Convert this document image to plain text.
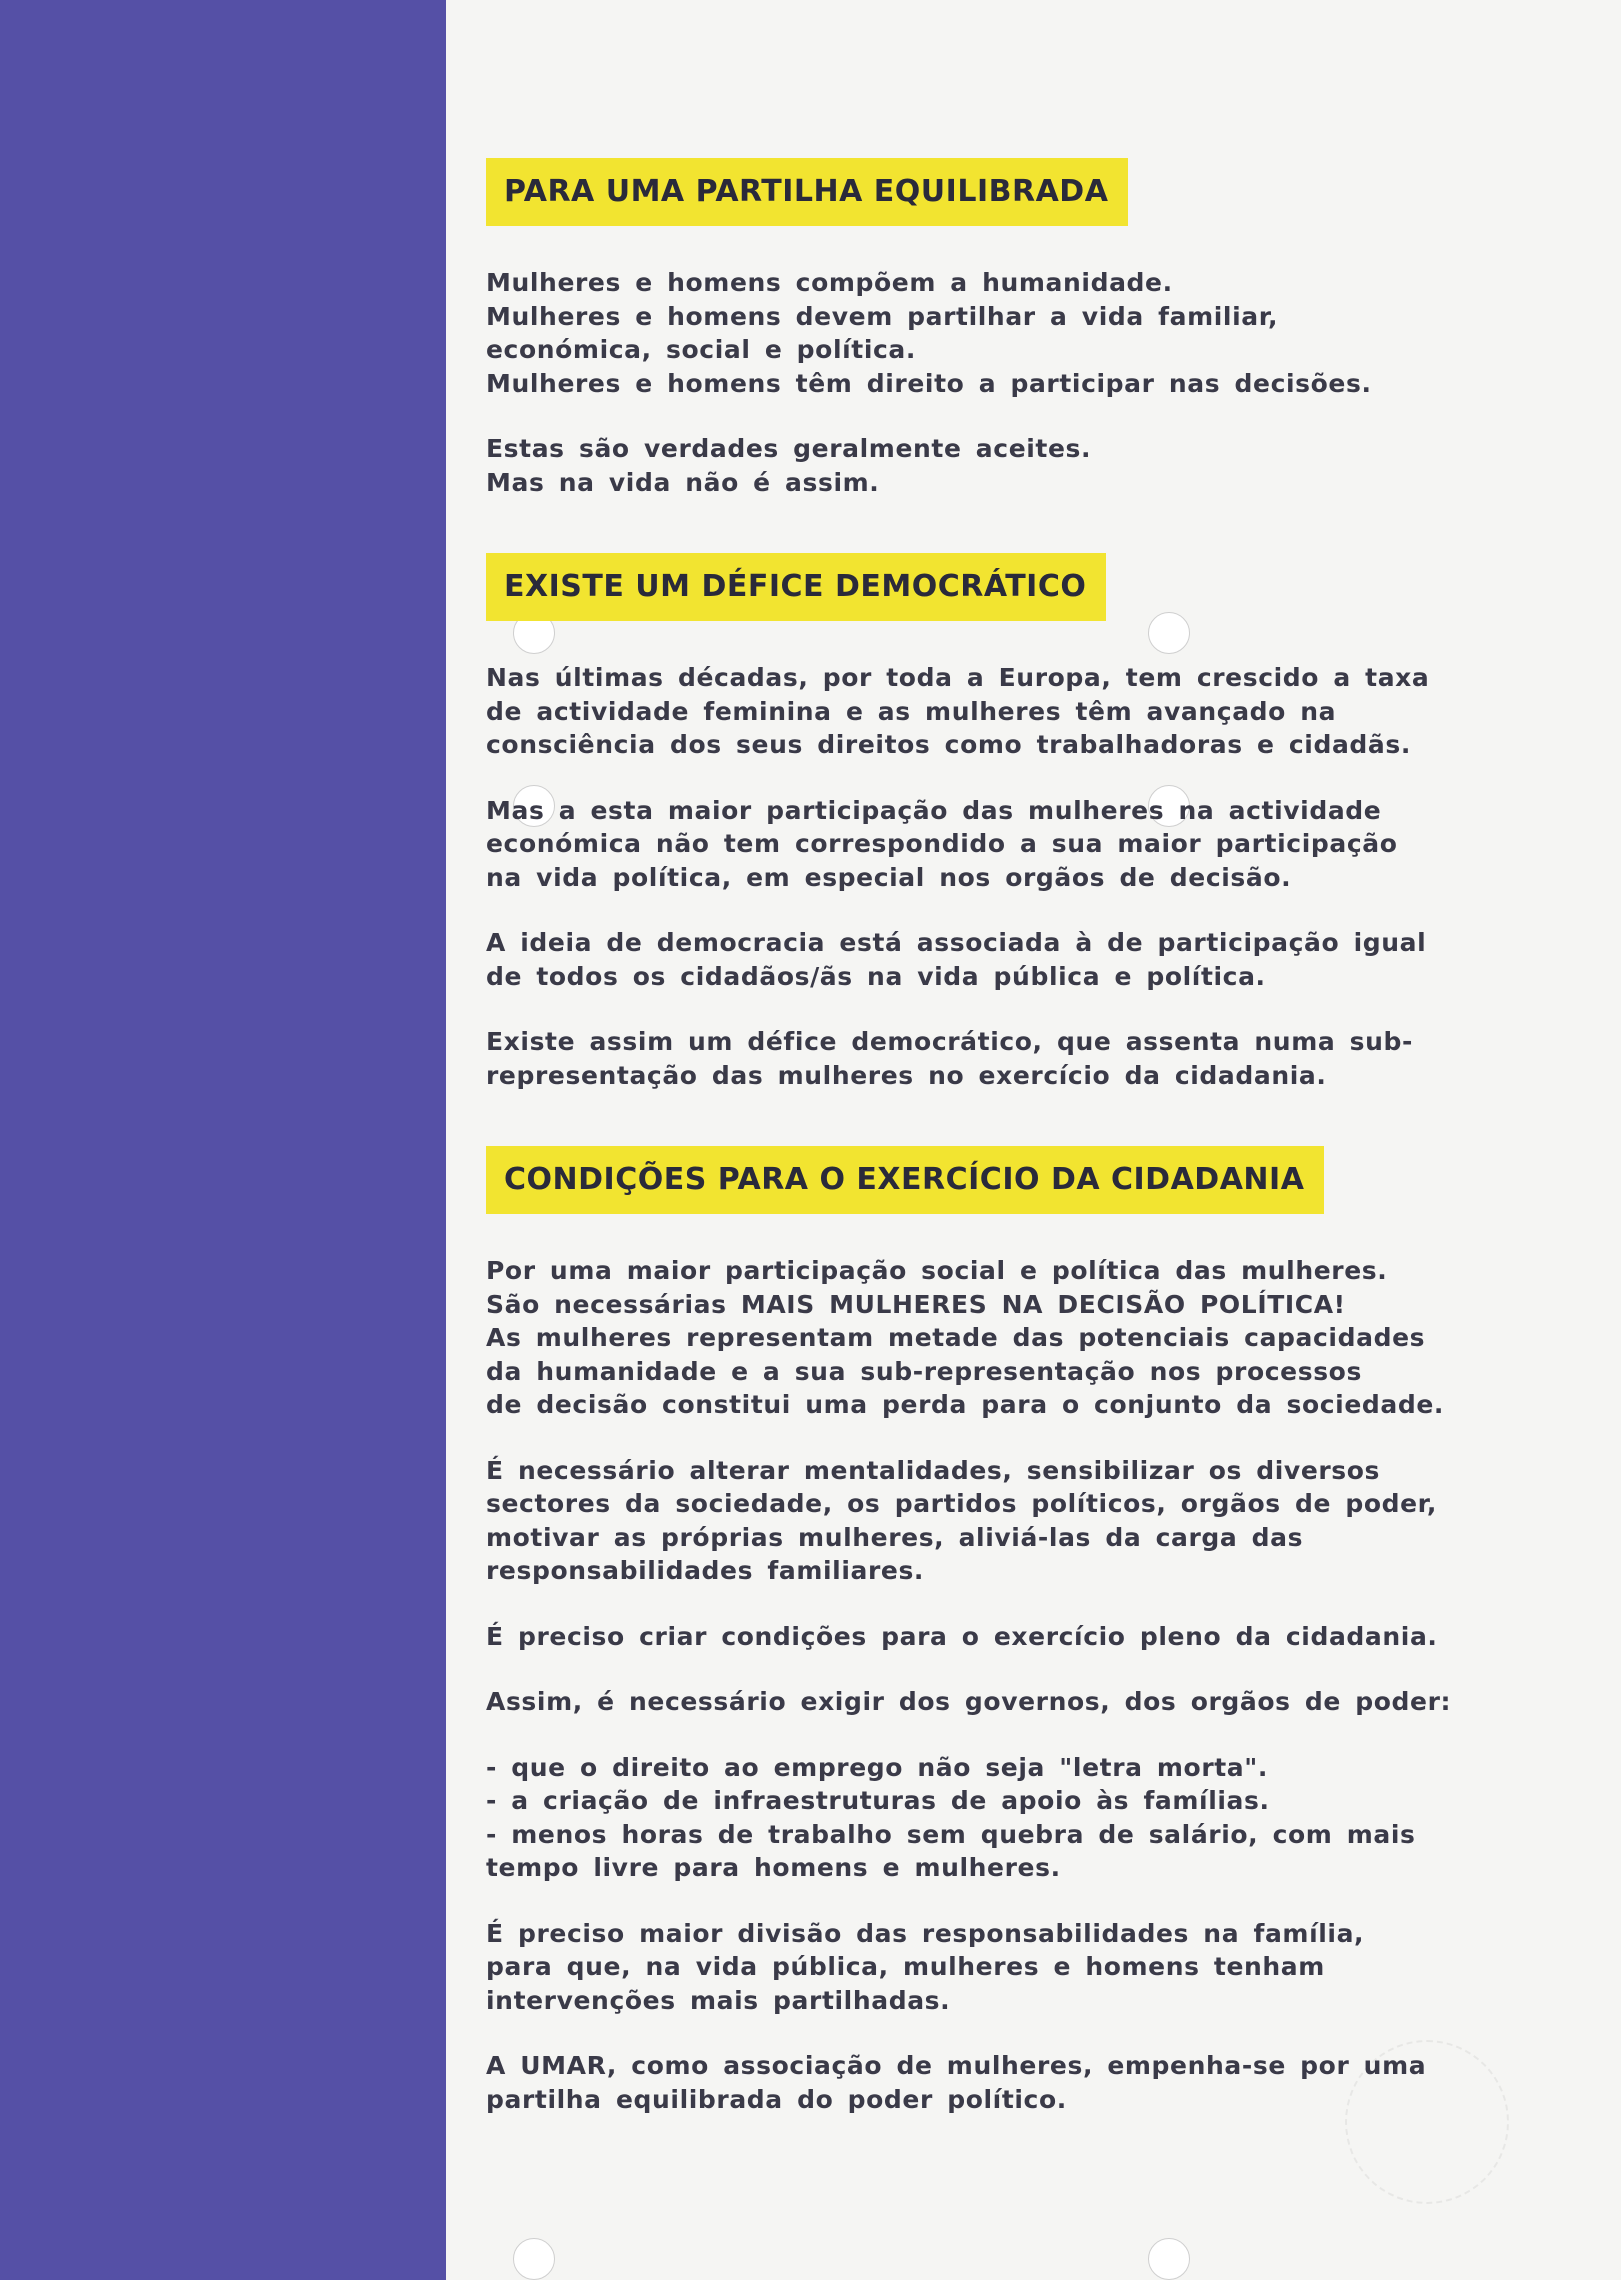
PARA UMA PARTILHA EQUILIBRADA

Mulheres e homens compõem a humanidade.
Mulheres e homens devem partilhar a vida familiar,
económica, social e política.
Mulheres e homens têm direito a participar nas decisões.

Estas são verdades geralmente aceites.
Mas na vida não é assim.

EXISTE UM DÉFICE DEMOCRÁTICO

Nas últimas décadas, por toda a Europa, tem crescido a taxa
de actividade feminina e as mulheres têm avançado na
consciência dos seus direitos como trabalhadoras e cidadãs.

Mas a esta maior participação das mulheres na actividade
económica não tem correspondido a sua maior participação
na vida política, em especial nos orgãos de decisão.

A ideia de democracia está associada à de participação igual
de todos os cidadãos/ãs na vida pública e política.

Existe assim um défice democrático, que assenta numa sub-
representação das mulheres no exercício da cidadania.

CONDIÇÕES PARA O EXERCÍCIO DA CIDADANIA

Por uma maior participação social e política das mulheres.
São necessárias MAIS MULHERES NA DECISÃO POLÍTICA!
As mulheres representam metade das potenciais capacidades
da humanidade e a sua sub-representação nos processos
de decisão constitui uma perda para o conjunto da sociedade.

É necessário alterar mentalidades, sensibilizar os diversos
sectores da sociedade, os partidos políticos, orgãos de poder,
motivar as próprias mulheres, aliviá-las da carga das
responsabilidades familiares.

É preciso criar condições para o exercício pleno da cidadania.

Assim, é necessário exigir dos governos, dos orgãos de poder:

- que o direito ao emprego não seja "letra morta".
- a criação de infraestruturas de apoio às famílias.
- menos horas de trabalho sem quebra de salário, com mais
tempo livre para homens e mulheres.

É preciso maior divisão das responsabilidades na família,
para que, na vida pública, mulheres e homens tenham
intervenções mais partilhadas.

A UMAR, como associação de mulheres, empenha-se por uma
partilha equilibrada do poder político.
